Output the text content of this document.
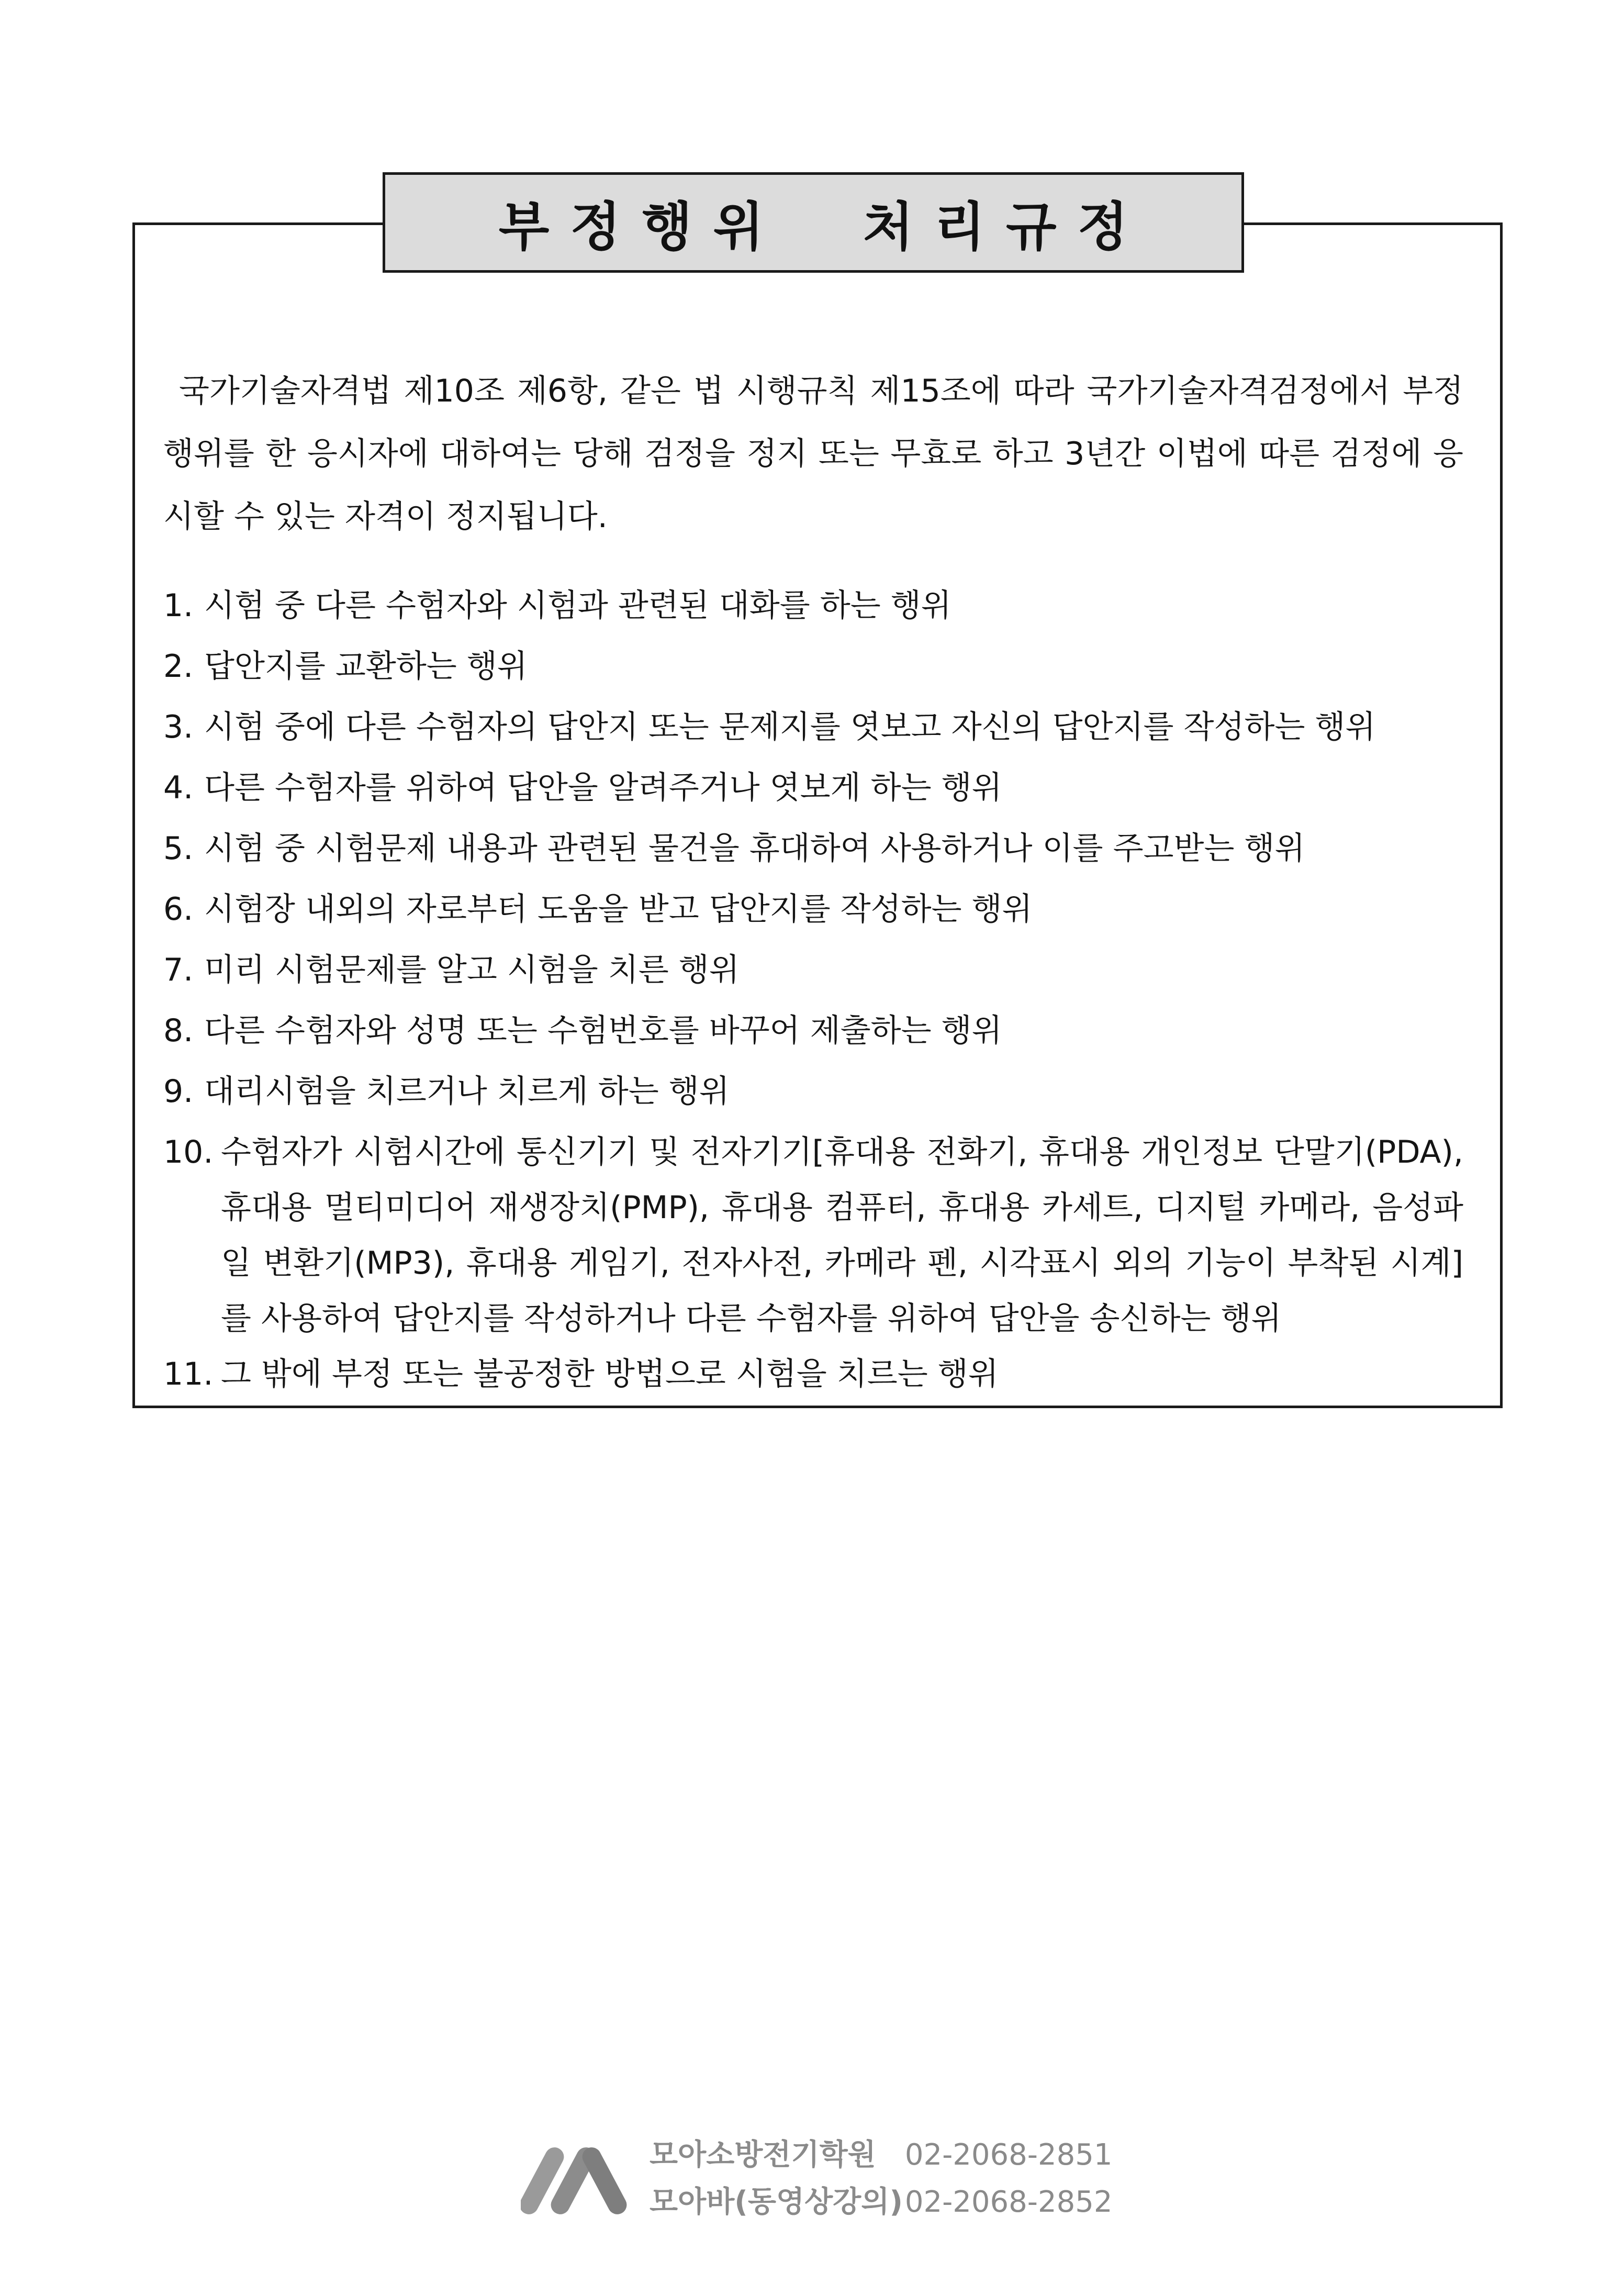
부정행위  처리규정

국가기술자격법 제10조 제6항, 같은 법 시행규칙 제15조에 따라 국가기술자격검정에서 부정행위를 한 응시자에 대하여는 당해 검정을 정지 또는 무효로 하고 3년간 이법에 따른 검정에 응시할 수 있는 자격이 정지됩니다.

1. 시험 중 다른 수험자와 시험과 관련된 대화를 하는 행위
2. 답안지를 교환하는 행위
3. 시험 중에 다른 수험자의 답안지 또는 문제지를 엿보고 자신의 답안지를 작성하는 행위
4. 다른 수험자를 위하여 답안을 알려주거나 엿보게 하는 행위
5. 시험 중 시험문제 내용과 관련된 물건을 휴대하여 사용하거나 이를 주고받는 행위
6. 시험장 내외의 자로부터 도움을 받고 답안지를 작성하는 행위
7. 미리 시험문제를 알고 시험을 치른 행위
8. 다른 수험자와 성명 또는 수험번호를 바꾸어 제출하는 행위
9. 대리시험을 치르거나 치르게 하는 행위
10. 수험자가 시험시간에 통신기기 및 전자기기[휴대용 전화기, 휴대용 개인정보 단말기(PDA), 휴대용 멀티미디어 재생장치(PMP), 휴대용 컴퓨터, 휴대용 카세트, 디지털 카메라, 음성파일 변환기(MP3), 휴대용 게임기, 전자사전, 카메라 펜, 시각표시 외의 기능이 부착된 시계]를 사용하여 답안지를 작성하거나 다른 수험자를 위하여 답안을 송신하는 행위
11. 그 밖에 부정 또는 불공정한 방법으로 시험을 치르는 행위
모아소방전기학원 02-2068-2851
모아바(동영상강의) 02-2068-2852
